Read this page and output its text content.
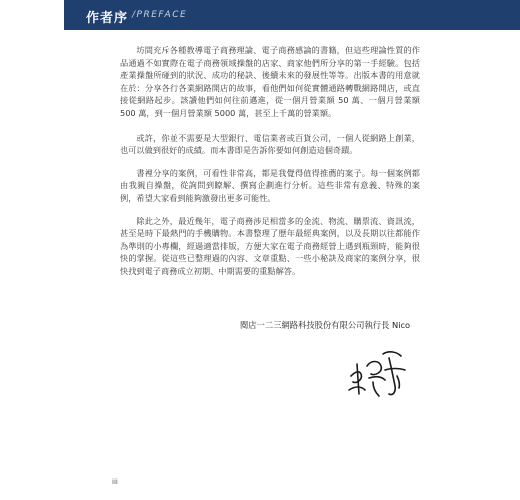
作者序 /PREFACE

坊間充斥各種教導電子商務理論、電子商務感論的書籍，但這些理論性質的作品通過不如實際在電子商務領域操盤的店家、商家他們所分享的第一手經驗。包括產業操盤所碰到的狀況、成功的秘訣、後續未來的發展性等等。出版本書的用意就在於：分享各行各業網路開店的故事，看他們如何從實體通路轉戰網路開店，或直接從網路起步。該讀他們如何往前邁進，從一個月營業額 50 萬、一個月營業額 500 萬，到一個月營業額 5000 萬，甚至上千萬的營業額。

或許，你並不需要是大型銀行、電信業者或百貨公司，一個人從網路上創業，也可以做到很好的成績。而本書即是告訴你要如何創造這個奇蹟。

書裡分享的案例，可看性非常高，都是我覺得值得推薦的案子。每一個案例都由我親自操盤，從詢問到瞭解、撰寫企劃進行分析。這些非常有意義、特殊的案例，希望大家看到能夠激發出更多可能性。

除此之外，最近幾年，電子商務涉足相當多的金流、物流、購票流、資訊流，甚至是時下最熱門的手機購物。本書整理了歷年最經典案例，以及長期以往都能作為準則的小專欄，經過適當排版，方便大家在電子商務經營上遇到瓶頸時，能夠很快的掌握。從這些已整理過的內容、文章重點、一些小秘訣及商家的案例分享，很快找到電子商務成立初期、中期需要的重點解答。

閱店一二三網路科技股份有限公司執行長 Nico
iii
